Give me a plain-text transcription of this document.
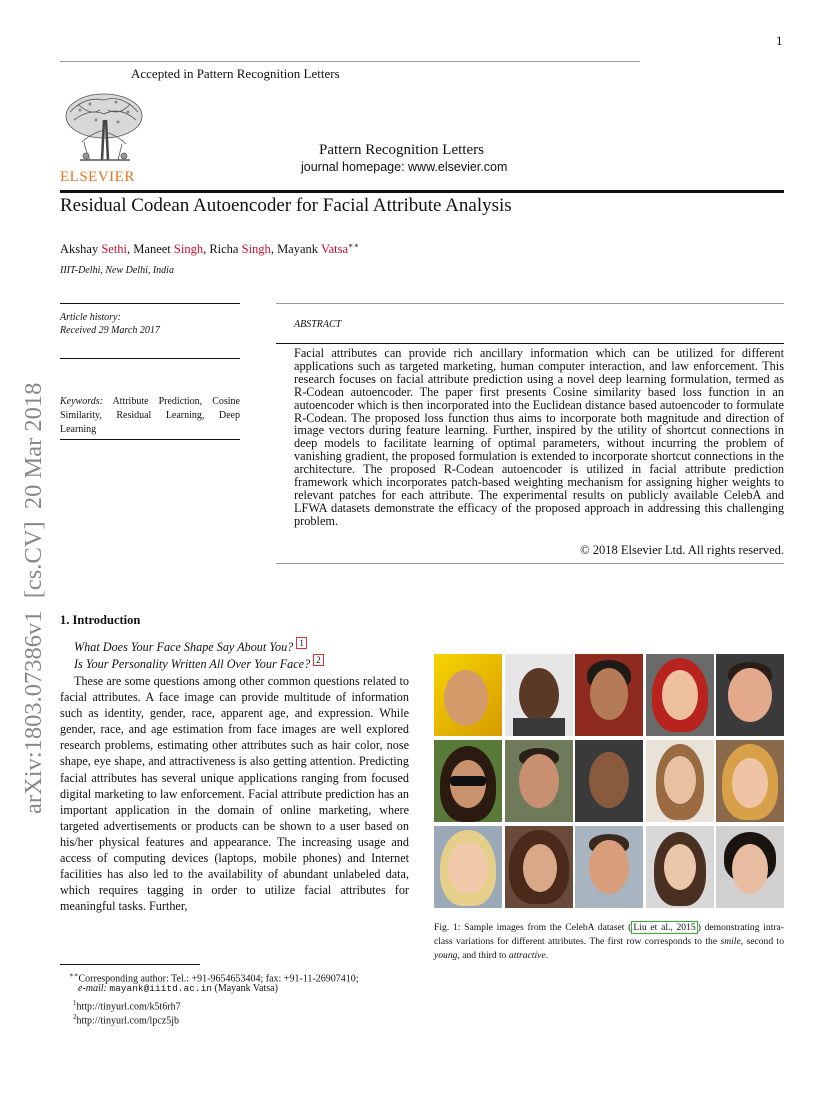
1
Accepted in Pattern Recognition Letters
ELSEVIER
Pattern Recognition Letters
journal homepage: www.elsevier.com
Residual Codean Autoencoder for Facial Attribute Analysis
Akshay Sethi, Maneet Singh, Richa Singh, Mayank Vatsa∗∗
IIIT-Delhi, New Delhi, India
Article history:
Received 29 March 2017
Keywords: Attribute Prediction, Cosine Similarity, Residual Learning, Deep Learning
ABSTRACT

Facial attributes can provide rich ancillary information which can be utilized for different applications such as targeted marketing, human computer interaction, and law enforcement. This research focuses on facial attribute prediction using a novel deep learning formulation, termed as R-Codean autoencoder. The paper first presents Cosine similarity based loss function in an autoencoder which is then incorporated into the Euclidean distance based autoencoder to formulate R-Codean. The proposed loss function thus aims to incorporate both magnitude and direction of image vectors during feature learning. Further, inspired by the utility of shortcut connections in deep models to facilitate learning of optimal parameters, without incurring the problem of vanishing gradient, the proposed formulation is extended to incorporate shortcut connections in the architecture. The proposed R-Codean autoencoder is utilized in facial attribute prediction framework which incorporates patch-based weighting mechanism for assigning higher weights to relevant patches for each attribute. The experimental results on publicly available CelebA and LFWA datasets demonstrate the efficacy of the proposed approach in addressing this challenging problem.

© 2018 Elsevier Ltd. All rights reserved.
arXiv:1803.07386v1  [cs.CV]  20 Mar 2018 1. Introduction
What Does Your Face Shape Say About You? $^1$
Is Your Personality Written All Over Your Face? $^2$

These are some questions among other common questions related to facial attributes. A face image can provide multitude of information such as identity, gender, race, apparent age, and expression. While gender, race, and age estimation from face images are well explored research problems, estimating other attributes such as hair color, nose shape, eye shape, and attractiveness is also getting attention. Predicting facial attributes has several unique applications ranging from focused digital marketing to law enforcement. Facial attribute prediction has an important application in the domain of online marketing, where targeted advertisements or products can be shown to a user based on his/her physical features and appearance. The increasing usage and access of computing devices (laptops, mobile phones) and Internet facilities has also led to the availability of abundant unlabeled data, which requires tagging in order to utilize facial attributes for meaningful tasks. Further,

Fig. 1: Sample images from the CelebA dataset ( Liu et al., 2015 ) demonstrating intra-class variations for different attributes. The first row corresponds to the smile, second to young, and third to attractive.
∗∗Corresponding author: Tel.: +91-9654653404; fax: +91-11-26907410;
e-mail: mayank@iiitd.ac.in (Mayank Vatsa)
$^1$http://tinyurl.com/k5t6rh7
$^2$http://tinyurl.com/lpcz5jb
